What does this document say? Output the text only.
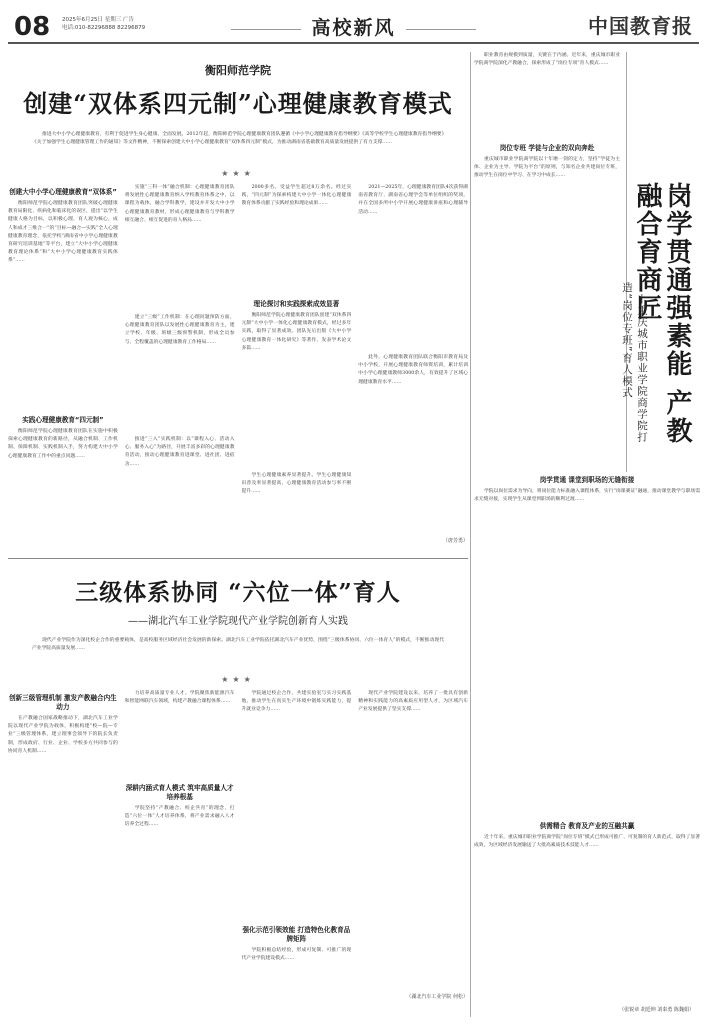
08 2025年6月25日 星期三 广告
电话:010-82296888 82296879	高校新风	中国教育报
衡阳师范学院
创建“双体系四元制”心理健康教育模式
推进大中小学心理健康教育，有利于促进学生身心健康、全面发展。2012年起，衡阳师范学院心理健康教育团队遵循《中小学心理健康教育指导纲要》《高等学校学生心理健康教育指导纲要》《关于加强学生心理健康管理工作的通知》等文件精神，不断探索创建大中小学心理健康教育“双体系四元制”模式，为推动湖南省基础教育高质量发展提供了有力支撑……
★★★
创建大中小学心理健康教育“双体系”
衡阳师范学院心理健康教育团队突破心理健康教育局限化、疾病化和临床化的误区，提出“以学生健康人格为目标，以积极心理、育人观为核心，成人和成才三维合一”的“目标—融合—实践”全人心理健康教育理念，依托学校“湖南省中小学心理健康教育研究培训基地”等平台，建立“大中小学心理健康教育理论体系”和“大中小学心理健康教育实践体系”……
实践心理健康教育“四元制”
衡阳师范学院心理健康教育团队在实施中积极探索心理健康教育的新路径，从融合机制、工作机制、保障机制、实践机制入手，努力构建大中小学心理健康教育工作中的重点问题……
实施“三科一体”融合机制：心理健康教育团队将发展性心理健康教育纳入学校教育体系之中，以课程为载体，融合学科教学，建设并开发大中小学心理健康教育教材，形成心理健康教育与学科教学相互融合、相互促进的育人格局……
建立“三级”工作机制：在心理问题预防方面，心理健康教育团队以发展性心理健康教育为主，建立学校、年级、班级三级预警机制，形成全员参与、全程覆盖的心理健康教育工作格局……
推进“三入”实践机制：以“课程入心、活动入心、服务入心”为路径，开展丰富多彩的心理健康教育活动，推动心理健康教育进课堂、进社团、进宿舍……
2000多名。受益学生超过8万余名。经过实践，“四元制”为探索构建大中小学一体化心理健康教育体系贡献了实践经验和理论成果……
理论探讨和实践探索成效显著
衡阳师范学院心理健康教育团队创建“双体系四元制”大中小学一体化心理健康教育模式，经过多年实践，取得了显著成效。团队先后出版《大中小学心理健康教育一体化研究》等著作，发表学术论文多篇……
学生心理健康素养显著提升。学生心理健康知识普及率显著提高，心理健康教育活动参与率不断提升……
2021—2025年，心理健康教育团队4次获得湖南省教育厅、湖南省心理学会等单位组织的奖项，并在全国多所中小学开展心理健康讲座和心理辅导活动……
此外，心理健康教育团队联合衡阳市教育局及中小学校，开展心理健康教育师资培训，累计培训中小学心理健康教师3000余人，有效提升了区域心理健康教育水平……
（唐芳勇）
三级体系协同 “六位一体”育人
——湖北汽车工业学院现代产业学院创新育人实践
现代产业学院作为深化校企合作的重要载体，是高校服务区域经济社会发展的新探索。湖北汽车工业学院依托湖北汽车产业优势，围绕“三级体系协同、六位一体育人”的模式，不断推动现代产业学院高质量发展……
★★★
创新三级管理机制 激发产教融合内生动力
在产教融合国家战略推动下，湖北汽车工业学院以现代产业学院为载体，积极构建“校—院—专业”三级管理体系，建立理事会领导下的院长负责制，形成政府、行业、企业、学校多方共同参与的协同育人机制……
力培养高质量专业人才。学院聚焦新能源汽车和智能网联汽车领域，构建产教融合课程体系……
深耕内涵式育人模式 筑牢高质量人才培养根基
学院坚持“产教融合、校企共育”的理念，打造“六位一体”人才培养体系，将产业需求融入人才培养全过程……
学院通过校企合作，共建实验室与实习实践基地，推动学生在真实生产环境中锻炼实践能力，提升就业竞争力……
强化示范引领效能 打造特色化教育品牌矩阵
学院积极总结经验，形成可复制、可推广的现代产业学院建设模式……
现代产业学院建设以来，培养了一批具有创新精神和实践能力的高素质应用型人才，为区域汽车产业发展提供了坚实支撑……
（湖北汽车工业学院 何松）
职业教育由规模到质量，关键在于内涵。近年来，重庆城市职业学院商学院深化产教融合，探索形成了“岗位专项”育人模式……
岗位专班 学徒与企业的双向奔赴
重庆城市职业学院商学院以十年磨一剑的定力，坚持“学徒为主体、企业为主导、学院为平台”的原则，与知名企业共建岗位专班，推动学生在岗位中学习、在学习中成长……
岗学贯通强素能 产教融合育商匠
——重庆城市职业学院商学院打造“岗位专班”育人模式
岗学贯通 课堂到职场的无缝衔接
学院以岗位需求为导向，将岗位能力标准融入课程体系，实行“岗课赛证”融通，推动课堂教学与职场需求无缝对接，实现学生从课堂到职场的顺利过渡……
供需精合 教育及产业的互融共赢
近十年来，重庆城市职业学院商学院“岗位专班”模式已形成可推广、可复制的育人新范式，取得了显著成效，为区域经济发展输送了大批高素质技术技能人才……
（张锐章 胡廷坤 刘泰勇 陈魏娟）
